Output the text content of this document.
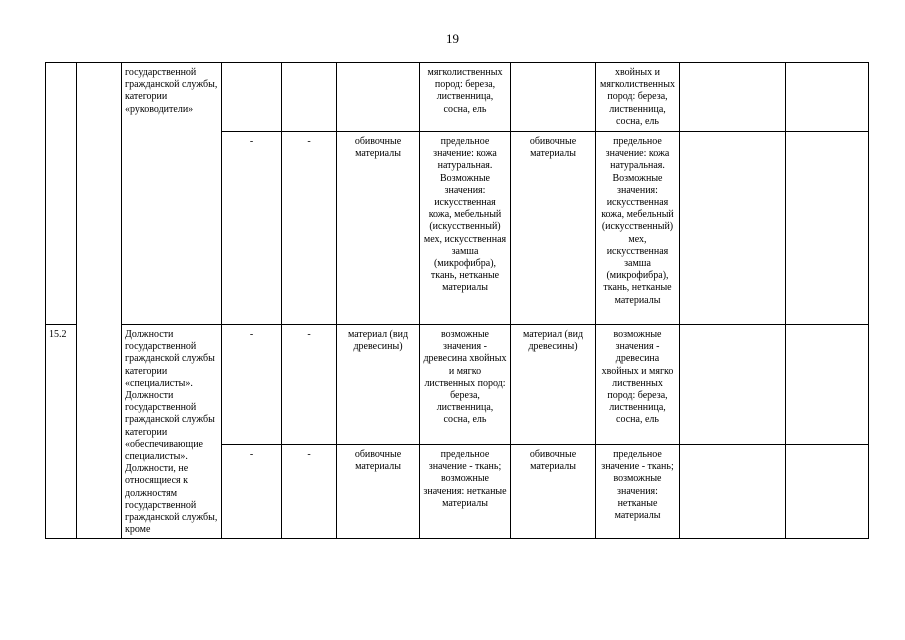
19
		государственной гражданской службы, категории «руководители»				мягколиственных пород: береза, лиственница, сосна, ель		хвойных и мягколиственных пород: береза, лиственница, сосна, ель		
			-	-	обивочные материалы	предельное значение: кожа натуральная. Возможные значения: искусственная кожа, мебельный (искусственный) мех, искусственная замша (микрофибра), ткань, нетканые материалы	обивочные материалы	предельное значение: кожа натуральная. Возможные значения: искусственная кожа, мебельный (искусственный) мех, искусственная замша (микрофибра), ткань, нетканые материалы		
15.2		Должности государственной гражданской службы категории «специалисты». Должности государственной гражданской службы категории «обеспечивающие специалисты». Должности, не относящиеся к должностям государственной гражданской службы, кроме	-	-	материал (вид древесины)	возможные значения - древесина хвойных и мягко лиственных пород: береза, лиственница, сосна, ель	материал (вид древесины)	возможные значения - древесина хвойных и мягко лиственных пород: береза, лиственница, сосна, ель		
			-	-	обивочные материалы	предельное значение - ткань; возможные значения: нетканые материалы	обивочные материалы	предельное значение - ткань; возможные значения: нетканые материалы		
